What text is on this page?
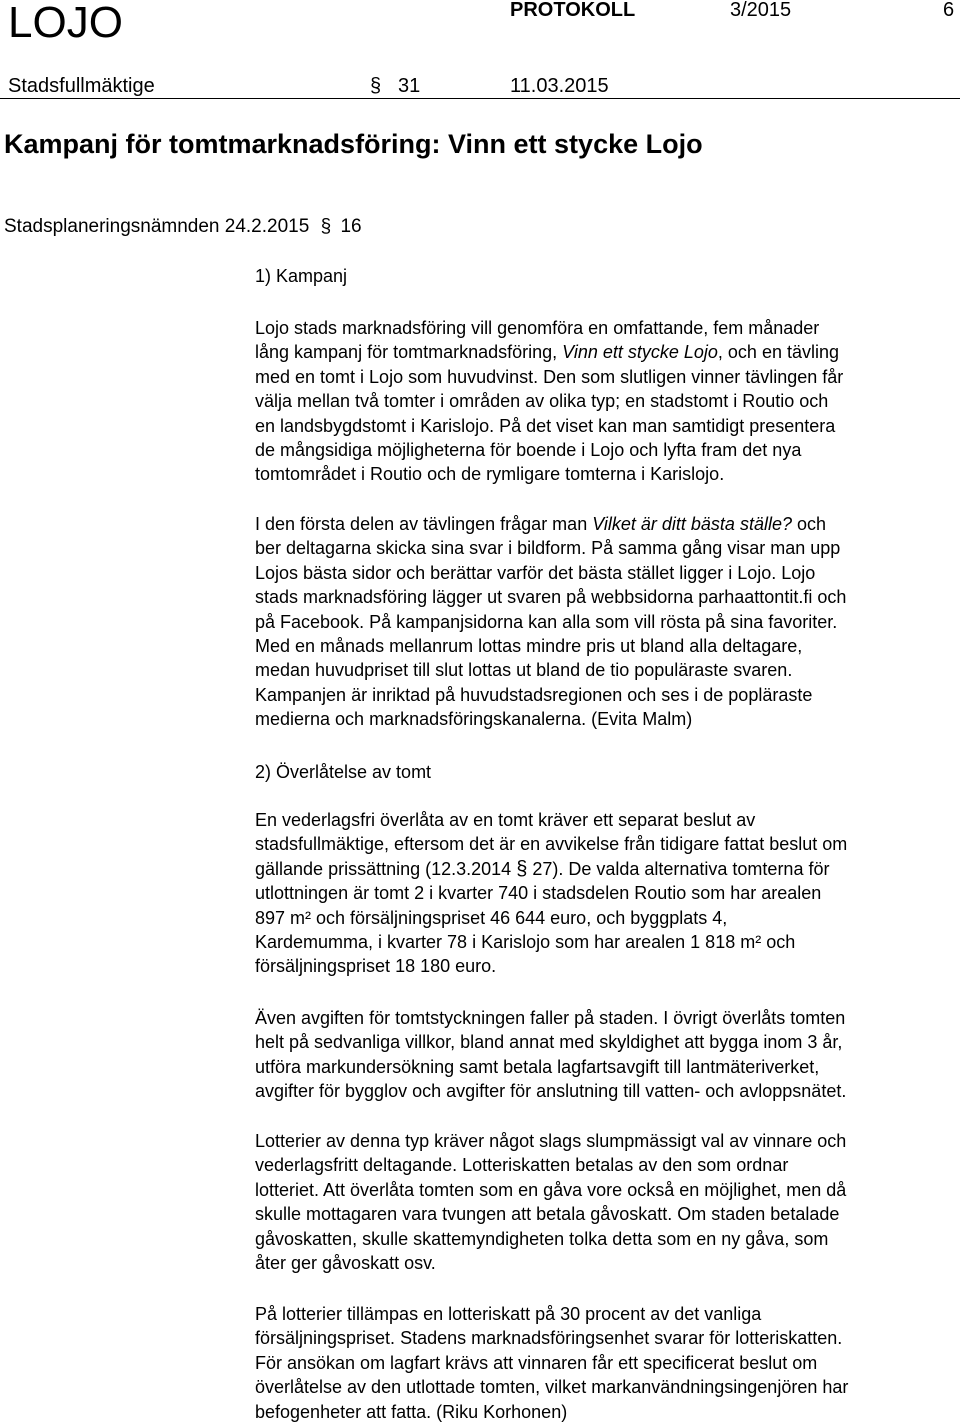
LOJO	PROTOKOLL	3/2015	6
Stadsfullmäktige	§ 31	11.03.2015
Kampanj för tomtmarknadsföring: Vinn ett stycke Lojo
Stadsplaneringsnämnden 24.2.2015 § 16

1) Kampanj

Lojo stads marknadsföring vill genomföra en omfattande, fem månader
lång kampanj för tomtmarknadsföring, Vinn ett stycke Lojo, och en tävling
med en tomt i Lojo som huvudvinst. Den som slutligen vinner tävlingen får
välja mellan två tomter i områden av olika typ; en stadstomt i Routio och
en landsbygdstomt i Karislojo. På det viset kan man samtidigt presentera
de mångsidiga möjligheterna för boende i Lojo och lyfta fram det nya
tomtområdet i Routio och de rymligare tomterna i Karislojo.
I den första delen av tävlingen frågar man Vilket är ditt bästa ställe? och
ber deltagarna skicka sina svar i bildform. På samma gång visar man upp
Lojos bästa sidor och berättar varför det bästa stället ligger i Lojo. Lojo
stads marknadsföring lägger ut svaren på webbsidorna parhaattontit.fi och
på Facebook. På kampanjsidorna kan alla som vill rösta på sina favoriter.
Med en månads mellanrum lottas mindre pris ut bland alla deltagare,
medan huvudpriset till slut lottas ut bland de tio populäraste svaren.
Kampanjen är inriktad på huvudstadsregionen och ses i de popläraste
medierna och marknadsföringskanalerna. (Evita Malm)

2) Överlåtelse av tomt

En vederlagsfri överlåta av en tomt kräver ett separat beslut av
stadsfullmäktige, eftersom det är en avvikelse från tidigare fattat beslut om
gällande prissättning (12.3.2014 § 27). De valda alternativa tomterna för
utlottningen är tomt 2 i kvarter 740 i stadsdelen Routio som har arealen
897 m² och försäljningspriset 46 644 euro, och byggplats 4,
Kardemumma, i kvarter 78 i Karislojo som har arealen 1 818 m² och
försäljningspriset 18 180 euro.
Även avgiften för tomtstyckningen faller på staden. I övrigt överlåts tomten
helt på sedvanliga villkor, bland annat med skyldighet att bygga inom 3 år,
utföra markundersökning samt betala lagfartsavgift till lantmäteriverket,
avgifter för bygglov och avgifter för anslutning till vatten- och avloppsnätet.
Lotterier av denna typ kräver något slags slumpmässigt val av vinnare och
vederlagsfritt deltagande. Lotteriskatten betalas av den som ordnar
lotteriet. Att överlåta tomten som en gåva vore också en möjlighet, men då
skulle mottagaren vara tvungen att betala gåvoskatt. Om staden betalade
gåvoskatten, skulle skattemyndigheten tolka detta som en ny gåva, som
åter ger gåvoskatt osv.
På lotterier tillämpas en lotteriskatt på 30 procent av det vanliga
försäljningspriset. Stadens marknadsföringsenhet svarar för lotteriskatten.
För ansökan om lagfart krävs att vinnaren får ett specificerat beslut om
överlåtelse av den utlottade tomten, vilket markanvändningsingenjören har
befogenheter att fatta. (Riku Korhonen)
